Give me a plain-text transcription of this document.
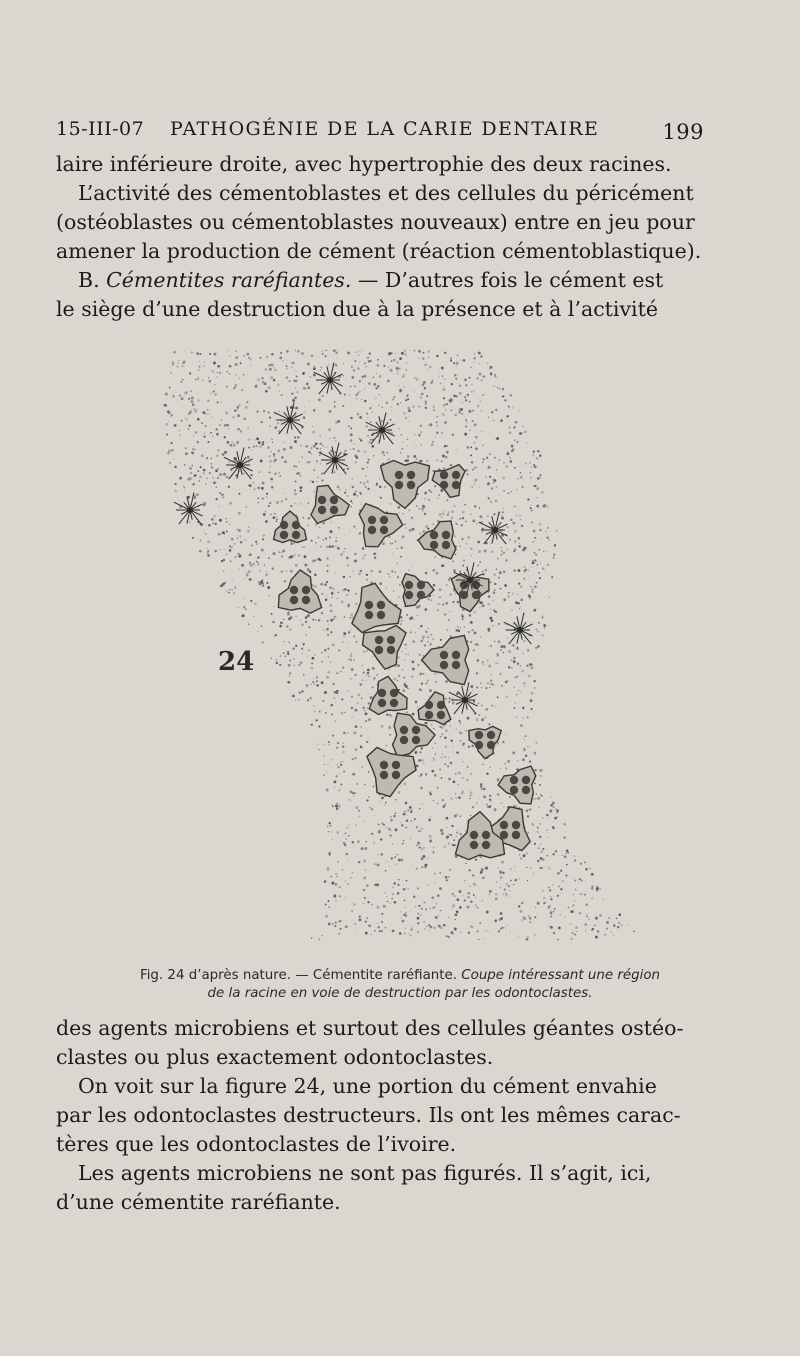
15-III-07 PATHOGÉNIE DE LA CARIE DENTAIRE	199
laire inférieure droite, avec hypertrophie des deux racines.
L’activité des cémentoblastes et des cellules du péricément
(ostéoblastes ou cémentoblastes nouveaux) entre en jeu pour
amener la production de cément (réaction cémentoblastique).
B. Cémentites raréfiantes. — D’autres fois le cément est
le siège d’une destruction due à la présence et à l’activité
24
Fig. 24 d’après nature. — Cémentite raréfiante. Coupe intéressant une région
de la racine en voie de destruction par les odontoclastes.
des agents microbiens et surtout des cellules géantes ostéo-
clastes ou plus exactement odontoclastes.
On voit sur la figure 24, une portion du cément envahie
par les odontoclastes destructeurs. Ils ont les mêmes carac-
tères que les odontoclastes de l’ivoire.
Les agents microbiens ne sont pas figurés. Il s’agit, ici,
d’une cémentite raréfiante.
